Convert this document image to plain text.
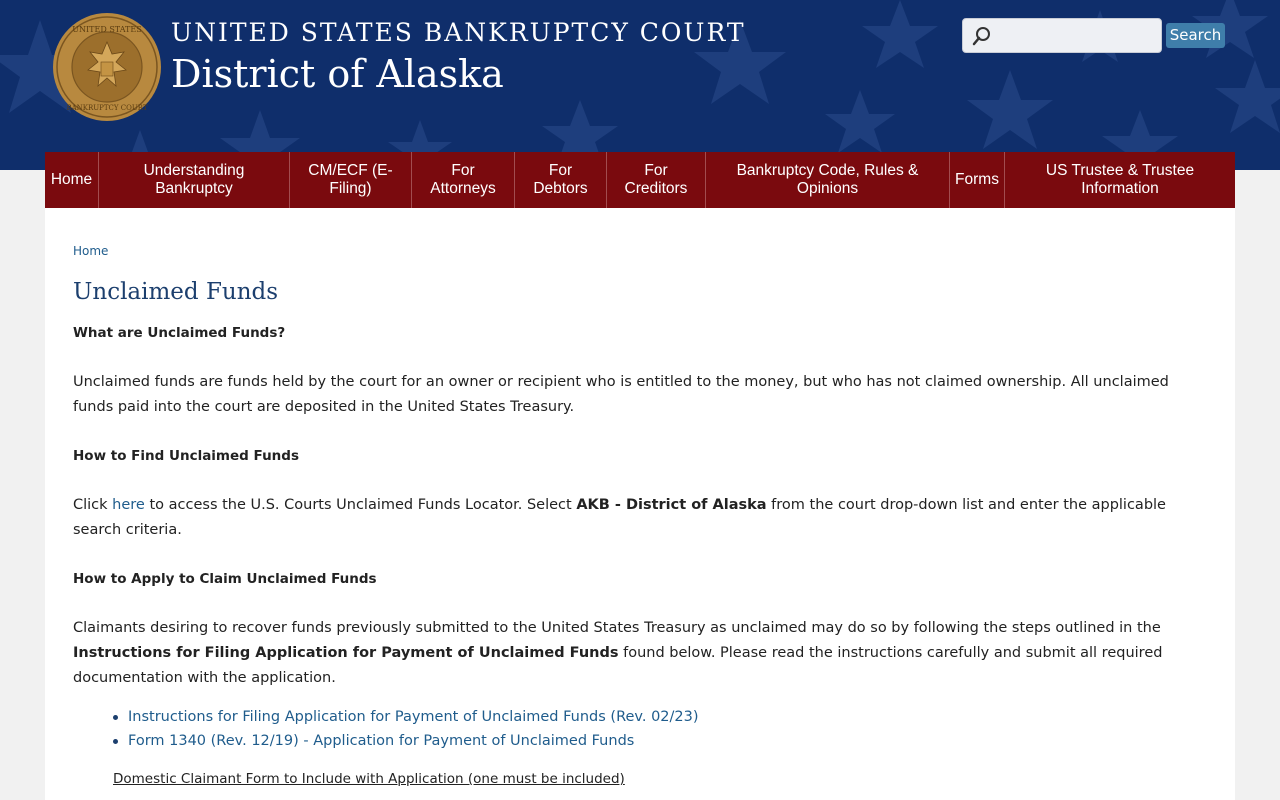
UNITED STATES
BANKRUPTCY COURT
UNITED STATES BANKRUPTCY COURT
District of Alaska
Search
Home
Understanding Bankruptcy
CM/ECF (E-Filing)
For Attorneys
For Debtors
For Creditors
Bankruptcy Code, Rules & Opinions
Forms
US Trustee & Trustee Information
Home
Unclaimed Funds
What are Unclaimed Funds?
Unclaimed funds are funds held by the court for an owner or recipient who is entitled to the money, but who has not claimed ownership. All unclaimed funds paid into the court are deposited in the United States Treasury.
How to Find Unclaimed Funds
Click here to access the U.S. Courts Unclaimed Funds Locator. Select AKB - District of Alaska from the court drop-down list and enter the applicable search criteria.
How to Apply to Claim Unclaimed Funds
Claimants desiring to recover funds previously submitted to the United States Treasury as unclaimed may do so by following the steps outlined in the Instructions for Filing Application for Payment of Unclaimed Funds found below. Please read the instructions carefully and submit all required documentation with the application.
Instructions for Filing Application for Payment of Unclaimed Funds (Rev. 02/23)
Form 1340 (Rev. 12/19) - Application for Payment of Unclaimed Funds
Domestic Claimant Form to Include with Application (one must be included)
